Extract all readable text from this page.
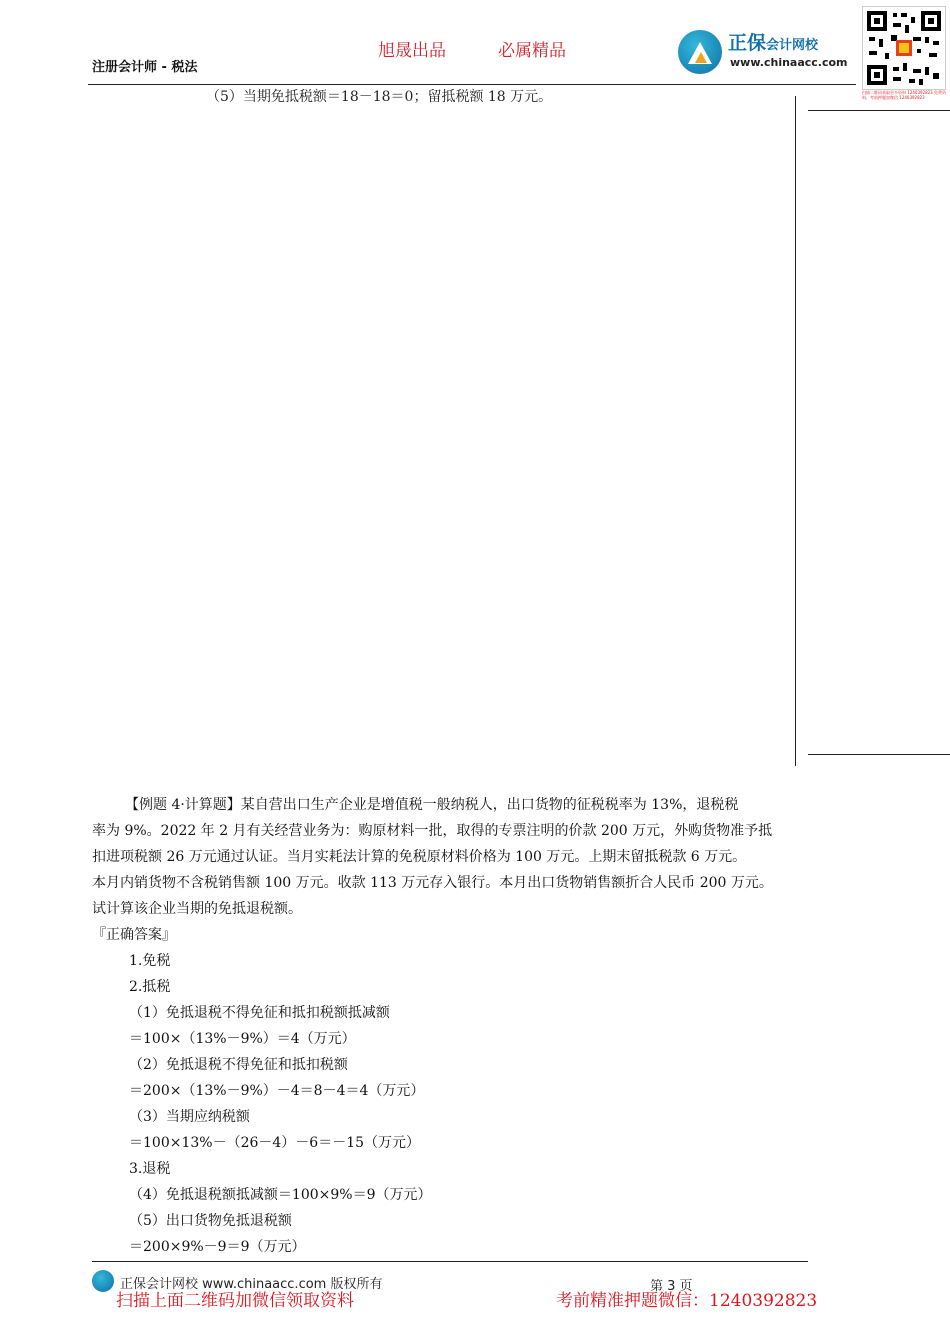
注册会计师 - 税法
旭晟出品	必属精品	正保会计网校
www.chinaacc.com
扫描二维码获取更多资料 1240392823 免费资料，考前押题加微信 1240392823
（5）当期免抵税额＝18－18＝0；留抵税额 18 万元。

【例题 4·计算题】某自营出口生产企业是增值税一般纳税人，出口货物的征税税率为 13%，退税税

率为 9%。2022 年 2 月有关经营业务为：购原材料一批，取得的专票注明的价款 200 万元，外购货物准予抵

扣进项税额 26 万元通过认证。当月实耗法计算的免税原材料价格为 100 万元。上期末留抵税款 6 万元。

本月内销货物不含税销售额 100 万元。收款 113 万元存入银行。本月出口货物销售额折合人民币 200 万元。

试计算该企业当期的免抵退税额。

『正确答案』

1.免税

2.抵税

（1）免抵退税不得免征和抵扣税额抵减额

＝100×（13%－9%）＝4（万元）

（2）免抵退税不得免征和抵扣税额

＝200×（13%－9%）－4＝8－4＝4（万元）

（3）当期应纳税额

＝100×13%－（26－4）－6＝－15（万元）

3.退税

（4）免抵退税额抵减额＝100×9%＝9（万元）

（5）出口货物免抵退税额

＝200×9%－9＝9（万元）

正保会计网校 www.chinaacc.com 版权所有	第 3 页
扫描上面二维码加微信领取资料	考前精准押题微信：1240392823
